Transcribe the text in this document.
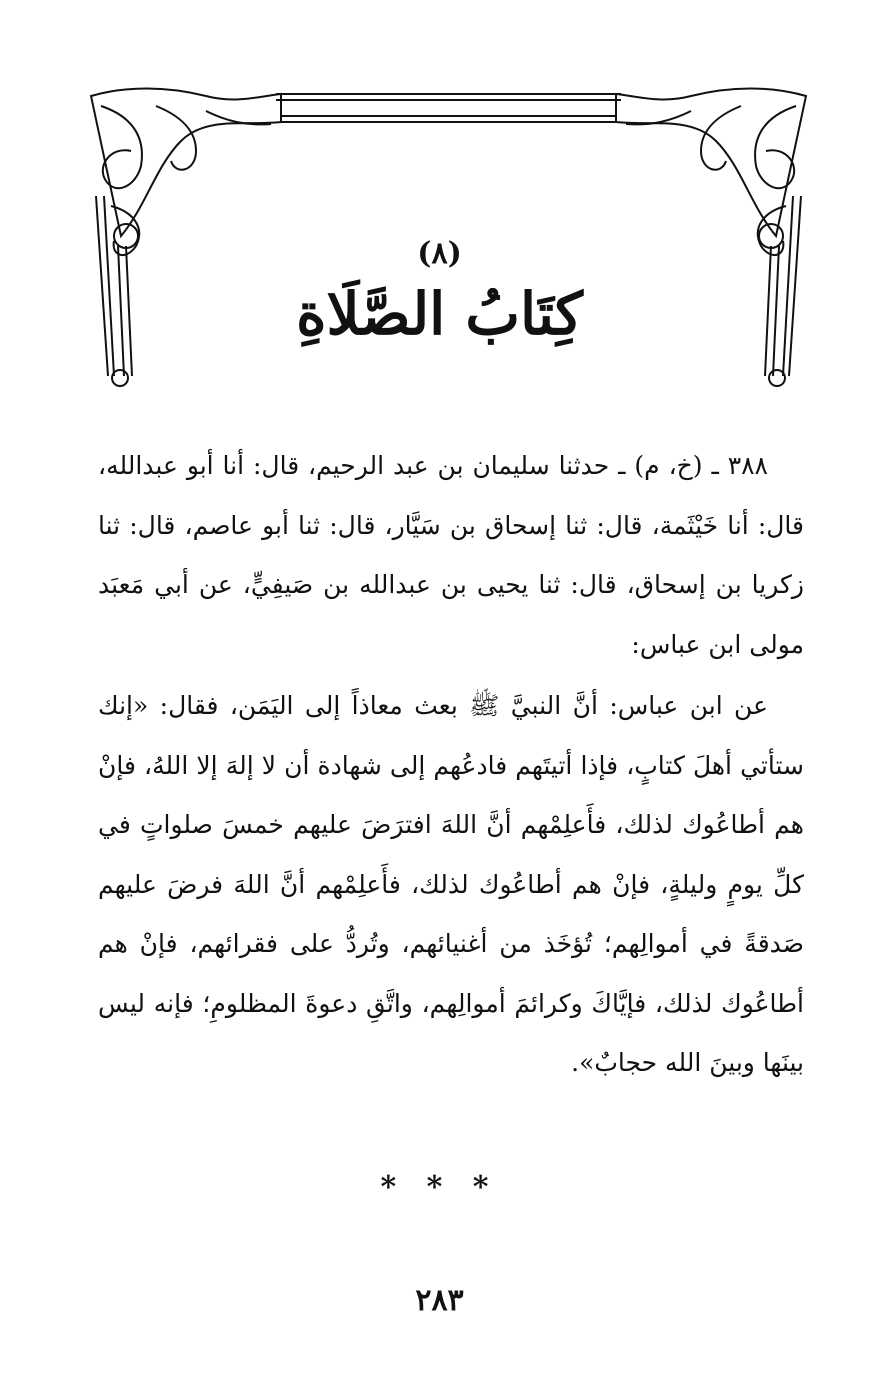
(٨)
كِتَابُ الصَّلَاةِ

٣٨٨ ـ (خ، م) ـ حدثنا سليمان بن عبد الرحيم، قال: أنا أبو عبدالله، قال: أنا خَيْثَمة، قال: ثنا إسحاق بن سَيَّار، قال: ثنا أبو عاصم، قال: ثنا زكريا بن إسحاق، قال: ثنا يحيى بن عبدالله بن صَيفِيٍّ، عن أبي مَعبَد مولى ابن عباس:

عن ابن عباس: أنَّ النبيَّ ﷺ بعث معاذاً إلى اليَمَن، فقال: «إنك ستأتي أهلَ كتابٍ، فإذا أتيتَهم فادعُهم إلى شهادة أن لا إلهَ إلا اللهُ، فإنْ هم أطاعُوك لذلك، فأَعلِمْهم أنَّ اللهَ افترَضَ عليهم خمسَ صلواتٍ في كلِّ يومٍ وليلةٍ، فإنْ هم أطاعُوك لذلك، فأَعلِمْهم أنَّ اللهَ فرضَ عليهم صَدقةً في أموالِهم؛ تُؤخَذ من أغنيائهم، وتُردُّ على فقرائهم، فإنْ هم أطاعُوك لذلك، فإيَّاكَ وكرائمَ أموالِهم، واتَّقِ دعوةَ المظلومِ؛ فإنه ليس بينَها وبينَ الله حجابٌ».

* * *
٢٨٣
